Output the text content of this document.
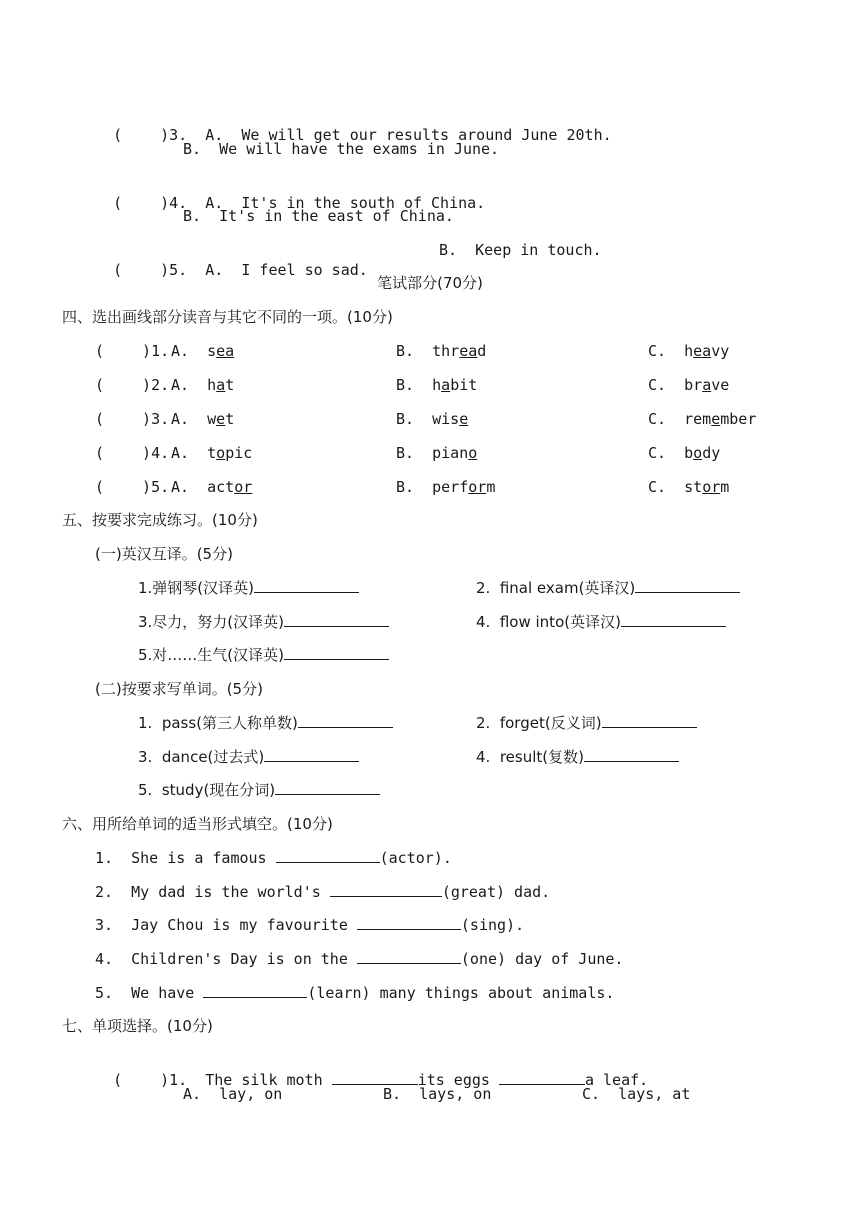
(	)3. A.  We will get our results around June 20th.

B.  We will have the exams in June.

(	)4. A.  It's in the south of China.

B.  It's in the east of China.

(	)5. A.  I feel so sad.

B.  Keep in touch.
笔试部分(70分)
四、选出画线部分读音与其它不同的一项。(10分)
(	)1. A.  sea	B.  thread	C.  heavy
(	)2. A.  hat	B.  habit	C.  brave
(	)3. A.  wet	B.  wise	C.  remember
(	)4. A.  topic	B.  piano	C.  body
(	)5. A.  actor	B.  perform	C.  storm
五、按要求完成练习。(10分)
(一)英汉互译。(5分)
1.弹钢琴(汉译英)	2.  final exam(英译汉)
3.尽力，努力(汉译英)	4.  flow into(英译汉)
5.对……生气(汉译英)
(二)按要求写单词。(5分)
1.  pass(第三人称单数)	2.  forget(反义词)
3.  dance(过去式)	4.  result(复数)
5.  study(现在分词)
六、用所给单词的适当形式填空。(10分)
1.  She is a famous	(actor).
2.  My dad is the world's	(great) dad.
3.  Jay Chou is my favourite	(sing).
4.  Children's Day is on the	(one) day of June.
5.  We have	(learn) many things about animals.
七、单项选择。(10分)

(	)1.  The silk moth	its eggs	a leaf.

A.  lay, on	B.  lays, on	C.  lays, at
